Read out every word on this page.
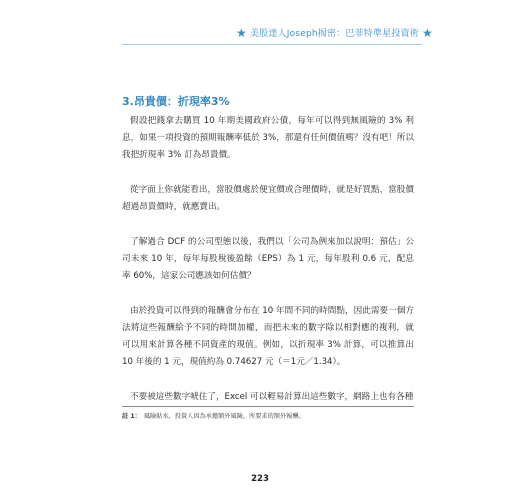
★ 美股達人Joseph揭密：巴菲特準星投資術 ★
3.昂貴價：折現率3%

假設把錢拿去購買 10 年期美國政府公債，每年可以得到無風險的 3% 利息，如果一項投資的預期報酬率低於 3%，那還有任何價值嗎？沒有吧！所以我把折現率 3% 訂為昂貴價。

從字面上你就能看出，當股價處於便宜價或合理價時，就是好買點，當股價超過昂貴價時，就應賣出。

了解過合 DCF 的公司型態以後，我們以「公司為例來加以說明：預估」公司未來 10 年，每年每股稅後盈餘（EPS）為 1 元，每年股利 0.6 元，配息率 60%，這家公司應該如何估價？

由於投資可以得到的報酬會分布在 10 年間不同的時間點，因此需要一個方法將這些報酬給予不同的時間加權，而把未來的數字除以相對應的複利，就可以用來計算各種不同資產的現值。例如，以折現率 3% 計算，可以推算出 10 年後的 1 元，現值約為 0.74627 元（＝1元／1.34）。

不要被這些數字唬住了，Excel 可以輕易計算出這些數字，網路上也有各種

註 1： 風險貼水，投資人因為承擔額外風險，所要求的額外報酬。
223
